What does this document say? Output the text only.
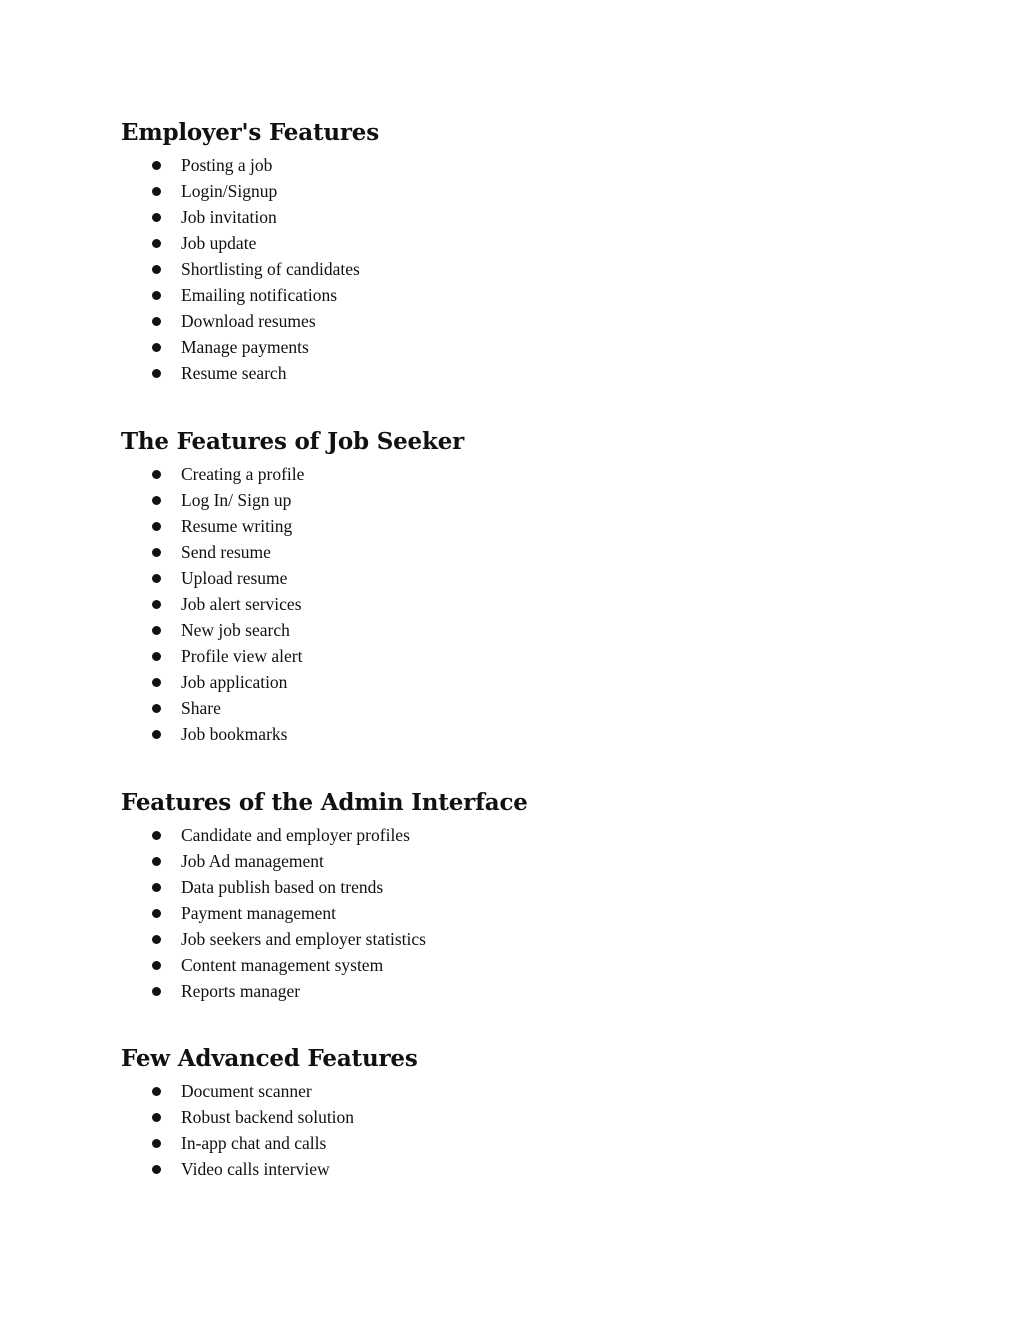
Employer's Features
Posting a job
Login/Signup
Job invitation
Job update
Shortlisting of candidates
Emailing notifications
Download resumes
Manage payments
Resume search
The Features of Job Seeker
Creating a profile
Log In/ Sign up
Resume writing
Send resume
Upload resume
Job alert services
New job search
Profile view alert
Job application
Share
Job bookmarks
Features of the Admin Interface
Candidate and employer profiles
Job Ad management
Data publish based on trends
Payment management
Job seekers and employer statistics
Content management system
Reports manager
Few Advanced Features
Document scanner
Robust backend solution
In-app chat and calls
Video calls interview
